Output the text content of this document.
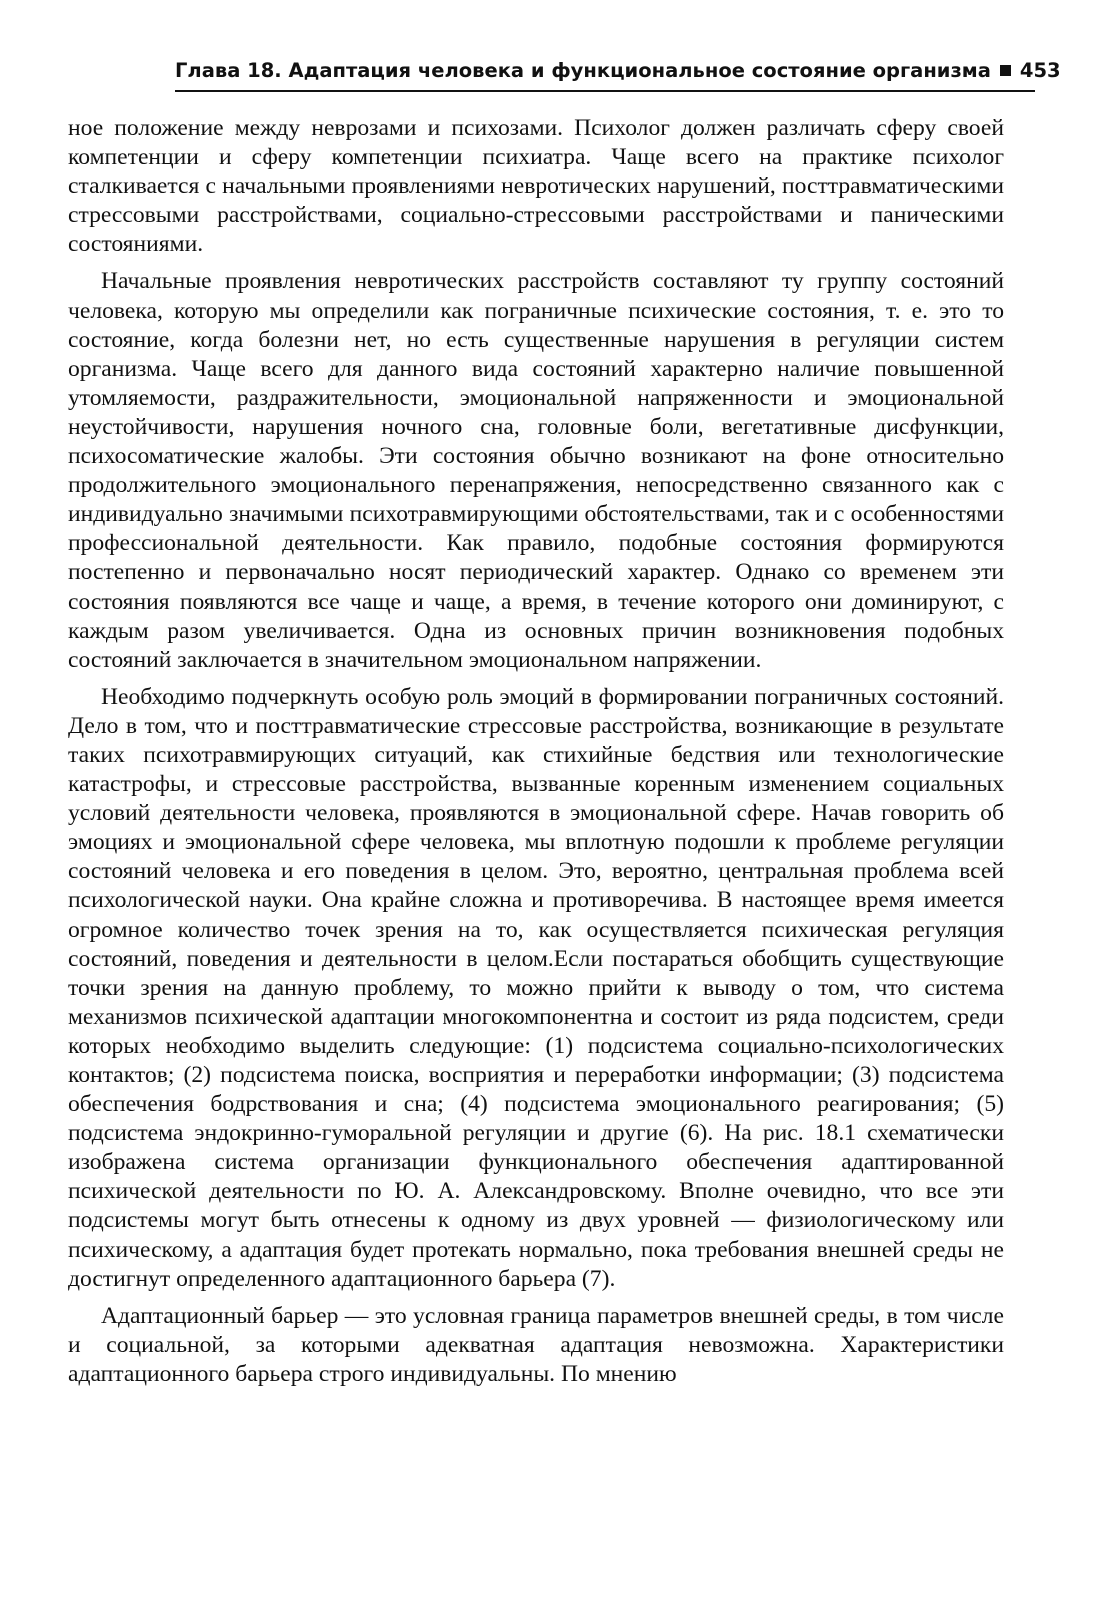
Глава 18. Адаптация человека и функциональное состояние организма 453

ное положение между неврозами и психозами. Психолог должен различать сферу своей компетенции и сферу компетенции психиатра. Чаще всего на практике психолог сталкивается с начальными проявлениями невротических нарушений, посттравматическими стрессовыми расстройствами, социально-стрессовыми расстройствами и паническими состояниями.

Начальные проявления невротических расстройств составляют ту группу состояний человека, которую мы определили как пограничные психические состояния, т. е. это то состояние, когда болезни нет, но есть существенные нарушения в регуляции систем организма. Чаще всего для данного вида состояний характерно наличие повышенной утомляемости, раздражительности, эмоциональной напряженности и эмоциональной неустойчивости, нарушения ночного сна, головные боли, вегетативные дисфункции, психосоматические жалобы. Эти состояния обычно возникают на фоне относительно продолжительного эмоционального перенапряжения, непосредственно связанного как с индивидуально значимыми психотравмирующими обстоятельствами, так и с особенностями профессиональной деятельности. Как правило, подобные состояния формируются постепенно и первоначально носят периодический характер. Однако со временем эти состояния появляются все чаще и чаще, а время, в течение которого они доминируют, с каждым разом увеличивается. Одна из основных причин возникновения подобных состояний заключается в значительном эмоциональном напряжении.

Необходимо подчеркнуть особую роль эмоций в формировании пограничных состояний. Дело в том, что и посттравматические стрессовые расстройства, возникающие в результате таких психотравмирующих ситуаций, как стихийные бедствия или технологические катастрофы, и стрессовые расстройства, вызванные коренным изменением социальных условий деятельности человека, проявляются в эмоциональной сфере. Начав говорить об эмоциях и эмоциональной сфере человека, мы вплотную подошли к проблеме регуляции состояний человека и его поведения в целом. Это, вероятно, центральная проблема всей психологической науки. Она крайне сложна и противоречива. В настоящее время имеется огромное количество точек зрения на то, как осуществляется психическая регуляция состояний, поведения и деятельности в целом.Если постараться обобщить существующие точки зрения на данную проблему, то можно прийти к выводу о том, что система механизмов психической адаптации многокомпонентна и состоит из ряда подсистем, среди которых необходимо выделить следующие: (1) подсистема социально-психологических контактов; (2) подсистема поиска, восприятия и переработки информации; (3) подсистема обеспечения бодрствования и сна; (4) подсистема эмоционального реагирования; (5) подсистема эндокринно-гуморальной регуляции и другие (6). На рис. 18.1 схематически изображена система организации функционального обеспечения адаптированной психической деятельности по Ю. А. Александровскому. Вполне очевидно, что все эти подсистемы могут быть отнесены к одному из двух уровней — физиологическому или психическому, а адаптация будет протекать нормально, пока требования внешней среды не достигнут определенного адаптационного барьера (7).

Адаптационный барьер — это условная граница параметров внешней среды, в том числе и социальной, за которыми адекватная адаптация невозможна. Характеристики адаптационного барьера строго индивидуальны. По мнению
